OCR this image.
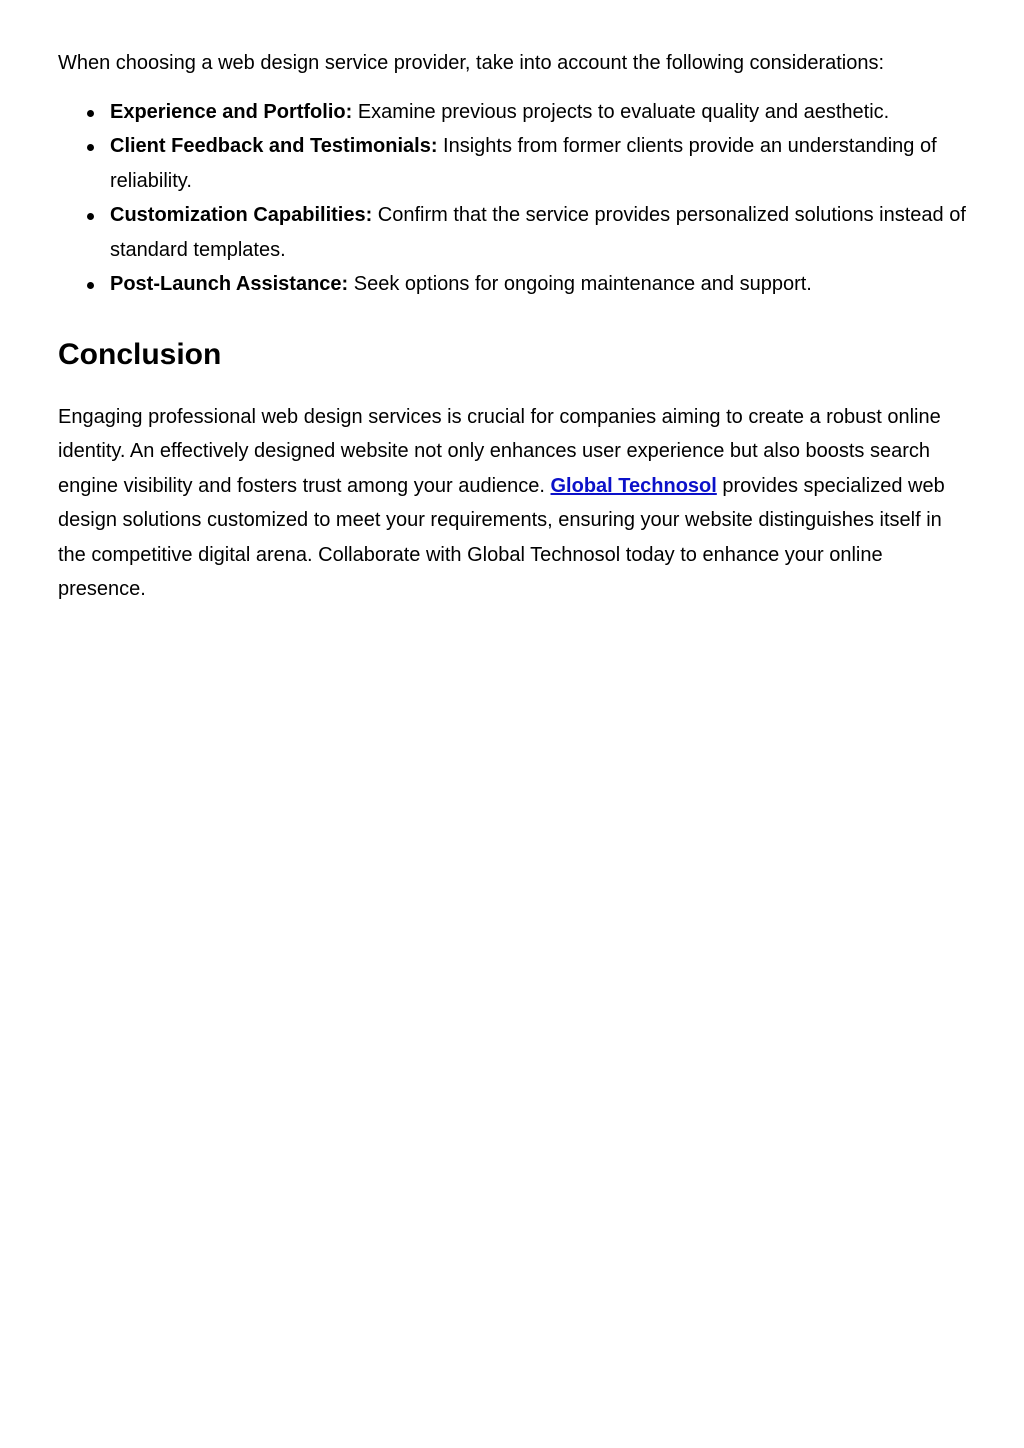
When choosing a web design service provider, take into account the following considerations:

Experience and Portfolio: Examine previous projects to evaluate quality and aesthetic.
Client Feedback and Testimonials: Insights from former clients provide an understanding of reliability.
Customization Capabilities: Confirm that the service provides personalized solutions instead of standard templates.
Post-Launch Assistance: Seek options for ongoing maintenance and support.
Conclusion

Engaging professional web design services is crucial for companies aiming to create a robust online identity. An effectively designed website not only enhances user experience but also boosts search engine visibility and fosters trust among your audience. Global Technosol provides specialized web design solutions customized to meet your requirements, ensuring your website distinguishes itself in the competitive digital arena. Collaborate with Global Technosol today to enhance your online presence.
